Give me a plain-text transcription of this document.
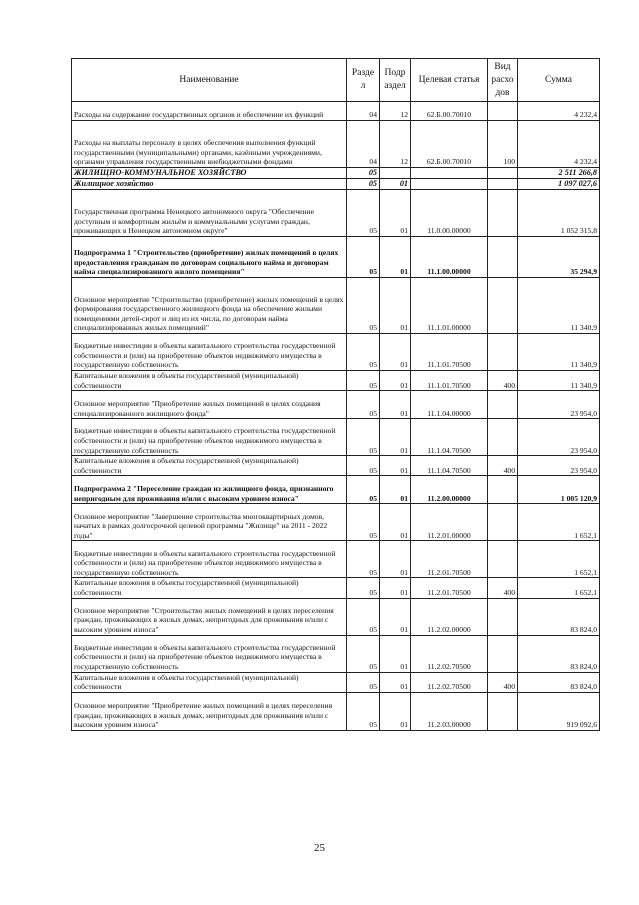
Наименование	Разде л	Подр аздел	Целевая статья	Вид расхо дов	Сумма
Расходы на содержание государственных органов и обеспечение их функций	04	12	62.Б.00.70010		4 232,4
Расходы на выплаты персоналу в целях обеспечения выполнения функций государственными (муниципальными) органами, казёнными учреждениями, органами управления государственными внебюджетными фондами	04	12	62.Б.00.70010	100	4 232,4
ЖИЛИЩНО-КОММУНАЛЬНОЕ ХОЗЯЙСТВО	05				2 511 266,8
Жилищное хозяйство	05	01			1 097 027,6
Государственная программа Ненецкого автономного округа "Обеспечение доступным и комфортным жильём и коммунальными услугами граждан, проживающих в Ненецком автономном округе"	05	01	11.0.00.00000		1 052 315,8
Подпрограмма 1 "Строительство (приобретение) жилых помещений в целях предоставления гражданам по договорам социального найма и договорам найма специализированного жилого помещения"	05	01	11.1.00.00000		35 294,9
Основное мероприятие "Строительство (приобретение) жилых помещений в целях формирования государственного жилищного фонда на обеспечение жилыми помещениями детей-сирот и лиц из их числа, по договорам найма специализированных жилых помещений"	05	01	11.1.01.00000		11 340,9
Бюджетные инвестиции в объекты капитального строительства государственной собственности и (или) на приобретение объектов недвижимого имущества в государственную собственность	05	01	11.1.01.70500		11 340,9
Капитальные вложения в объекты государственной (муниципальной) собственности	05	01	11.1.01.70500	400	11 340,9
Основное мероприятие "Приобретение жилых помещений в целях создания специализированного жилищного фонда"	05	01	11.1.04.00000		23 954,0
Бюджетные инвестиции в объекты капитального строительства государственной собственности и (или) на приобретение объектов недвижимого имущества в государственную собственность	05	01	11.1.04.70500		23 954,0
Капитальные вложения в объекты государственной (муниципальной) собственности	05	01	11.1.04.70500	400	23 954,0
Подпрограмма 2 "Переселение граждан из жилищного фонда, признанного непригодным для проживания и/или с высоким уровнем износа"	05	01	11.2.00.00000		1 005 120,9
Основное мероприятие "Завершение строительства многоквартирных домов, начатых в рамках долгосрочной целевой программы "Жилище" на 2011 - 2022 годы"	05	01	11.2.01.00000		1 652,1
Бюджетные инвестиции в объекты капитального строительства государственной собственности и (или) на приобретение объектов недвижимого имущества в государственную собственность	05	01	11.2.01.70500		1 652,1
Капитальные вложения в объекты государственной (муниципальной) собственности	05	01	11.2.01.70500	400	1 652,1
Основное мероприятие "Строительство жилых помещений в целях переселения граждан, проживающих в жилых домах, непригодных для проживания и/или с высоким уровнем износа"	05	01	11.2.02.00000		83 824,0
Бюджетные инвестиции в объекты капитального строительства государственной собственности и (или) на приобретение объектов недвижимого имущества в государственную собственность	05	01	11.2.02.70500		83 824,0
Капитальные вложения в объекты государственной (муниципальной) собственности	05	01	11.2.02.70500	400	83 824,0
Основное мероприятие "Приобретение жилых помещений в целях переселения граждан, проживающих в жилых домах, непригодных для проживания и/или с высоким уровнем износа"	05	01	11.2.03.00000		919 092,6
25
